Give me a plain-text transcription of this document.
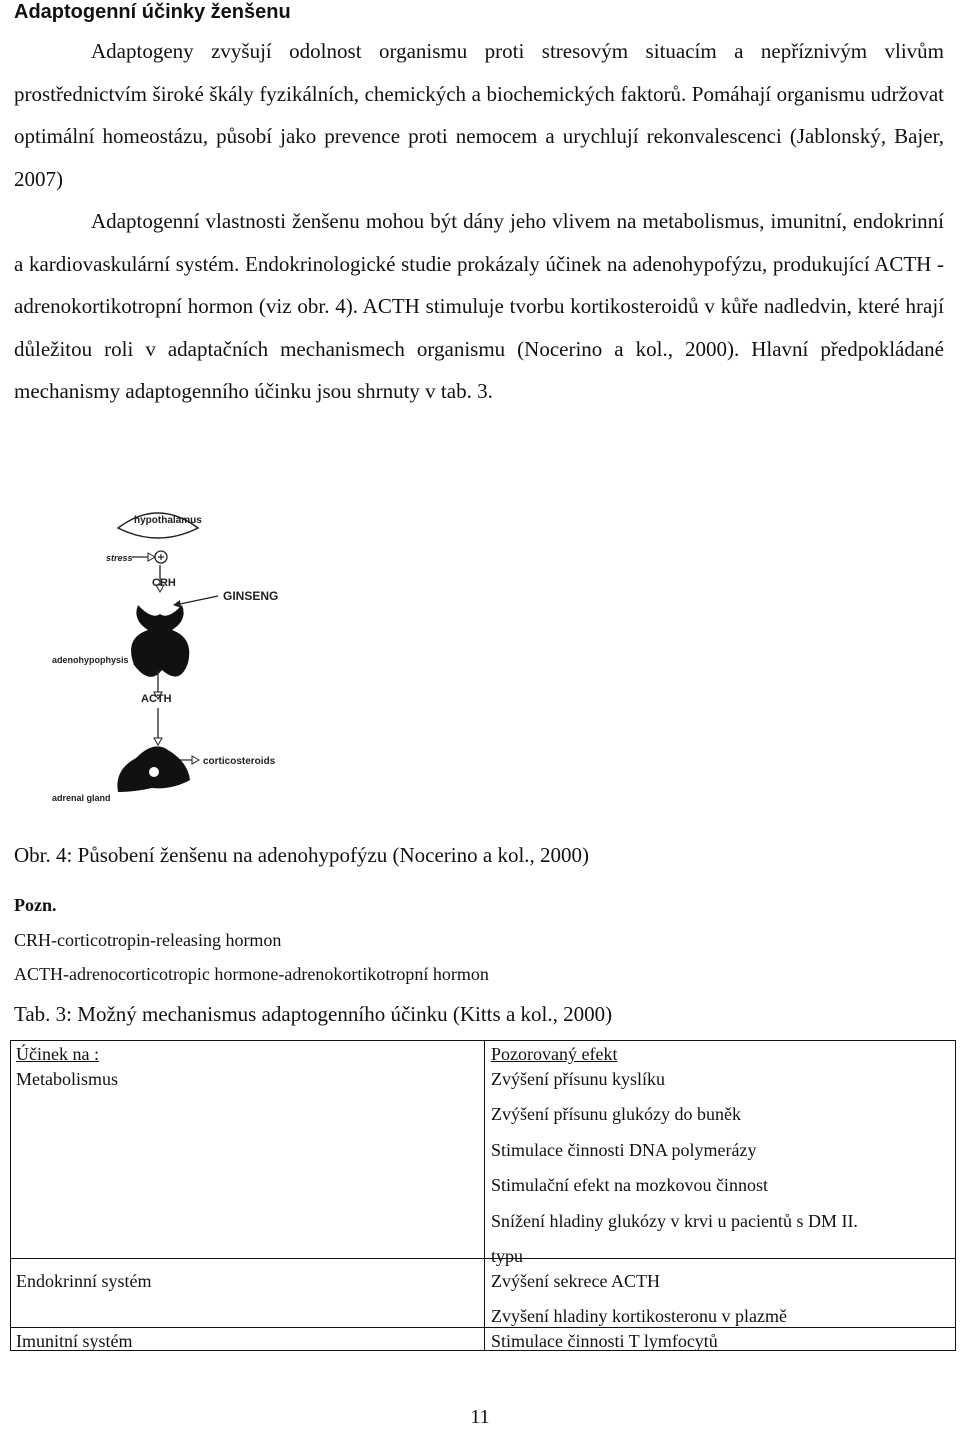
Adaptogenní účinky ženšenu

Adaptogeny zvyšují odolnost organismu proti stresovým situacím a nepříznivým vlivům prostřednictvím široké škály fyzikálních, chemických a biochemických faktorů. Pomáhají organismu udržovat optimální homeostázu, působí jako prevence proti nemocem a urychlují rekonvalescenci (Jablonský, Bajer, 2007)

Adaptogenní vlastnosti ženšenu mohou být dány jeho vlivem na metabolismus, imunitní, endokrinní a kardiovaskulární systém. Endokrinologické studie prokázaly účinek na adenohypofýzu, produkující ACTH - adrenokortikotropní hormon (viz obr. 4). ACTH stimuluje tvorbu kortikosteroidů v kůře nadledvin, které hrají důležitou roli v adaptačních mechanismech organismu (Nocerino a kol., 2000). Hlavní předpokládané mechanismy adaptogenního účinku jsou shrnuty v tab. 3.

hypothalamus
stress
CRH
GINSENG
adenohypophysis
ACTH
corticosteroids
adrenal gland
Obr. 4: Působení ženšenu na adenohypofýzu (Nocerino a kol., 2000)
Pozn.
CRH-corticotropin-releasing hormon
ACTH-adrenocorticotropic hormone-adrenokortikotropní hormon
Tab. 3: Možný mechanismus adaptogenního účinku (Kitts a kol., 2000)
Účinek na :	Pozorovaný efekt
Metabolismus	Zvýšení přísunu kyslíku
Zvýšení přísunu glukózy do buněk
Stimulace činnosti DNA polymerázy
Stimulační efekt na mozkovou činnost
Snížení hladiny glukózy v krvi u pacientů s DM II.
typu
Endokrinní systém	Zvýšení sekrece ACTH
Zvyšení hladiny kortikosteronu v plazmě
Imunitní systém	Stimulace činnosti T lymfocytů
11
